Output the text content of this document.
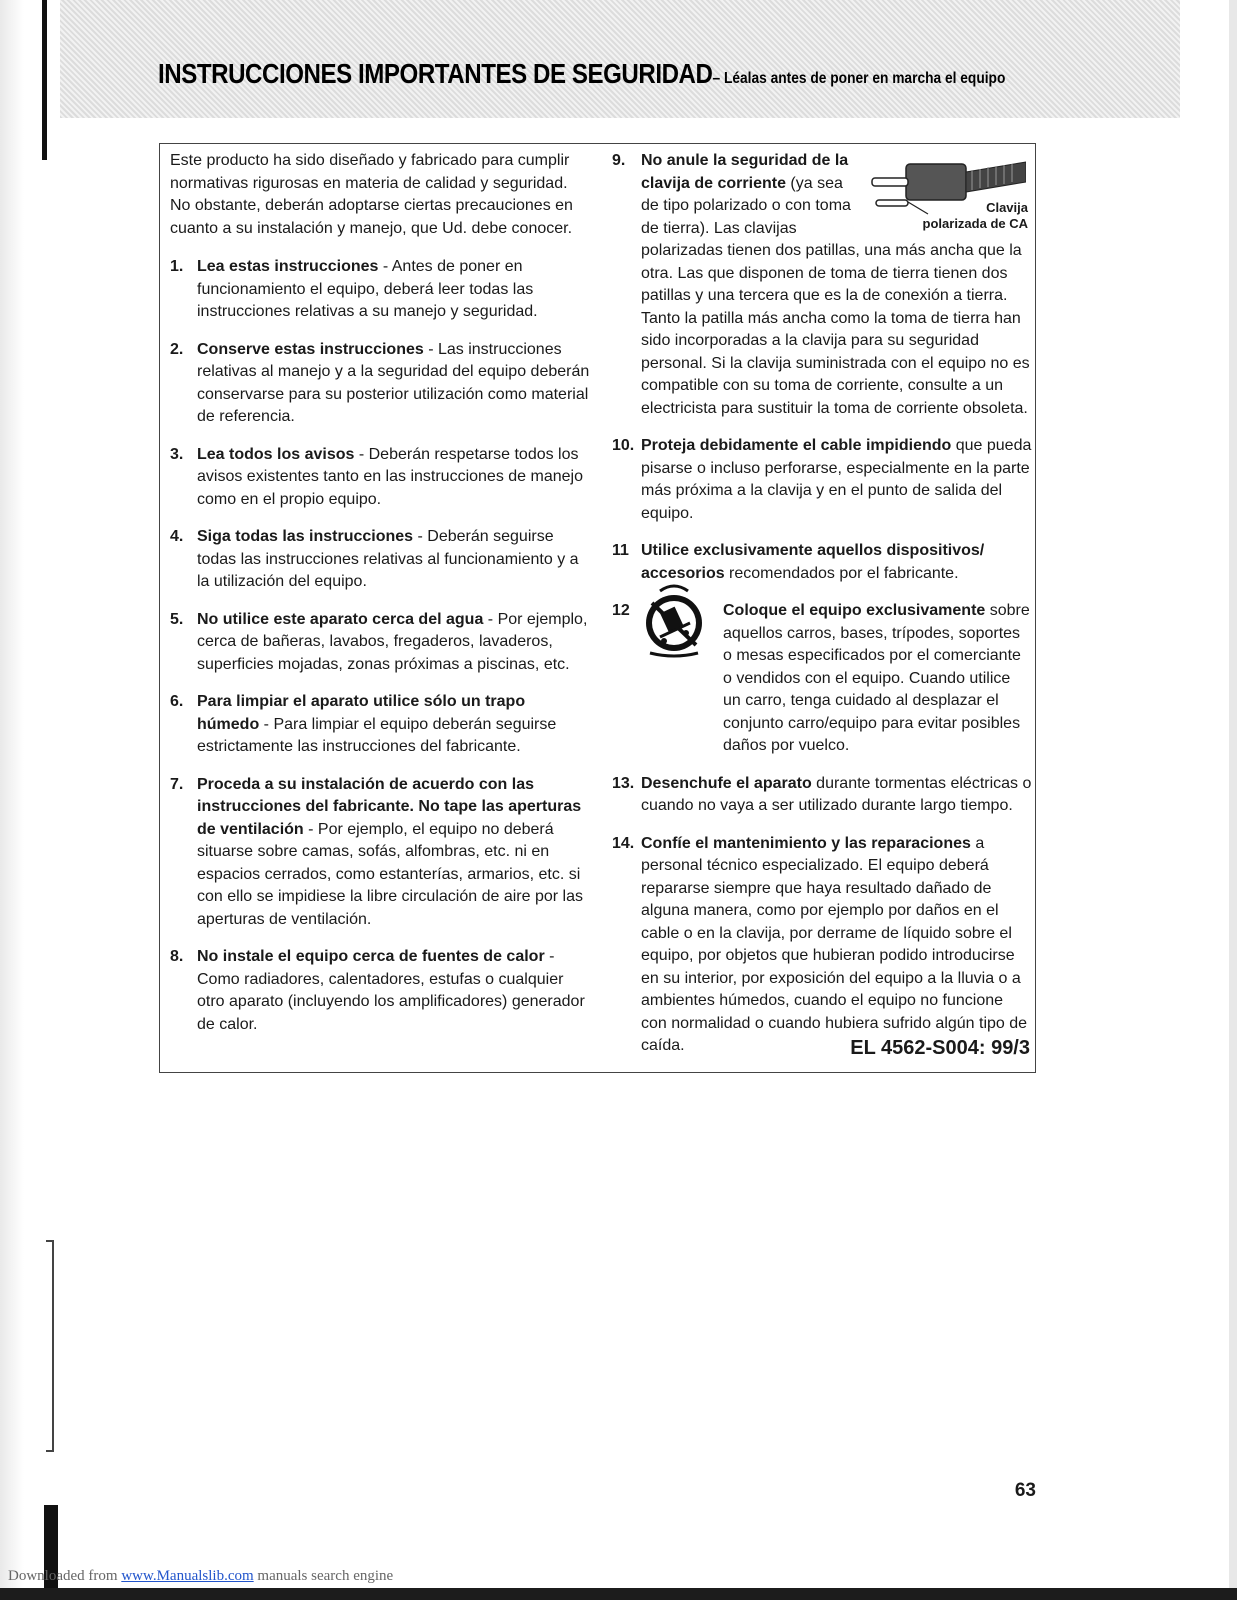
INSTRUCCIONES IMPORTANTES DE SEGURIDAD– Léalas antes de poner en marcha el equipo

Este producto ha sido diseñado y fabricado para cumplir normativas rigurosas en materia de calidad y seguridad. No obstante, deberán adoptarse ciertas precauciones en cuanto a su instalación y manejo, que Ud. debe conocer.

1. Lea estas instrucciones - Antes de poner en funcionamiento el equipo, deberá leer todas las instrucciones relativas a su manejo y seguridad.
2. Conserve estas instrucciones - Las instrucciones relativas al manejo y a la seguridad del equipo deberán conservarse para su posterior utilización como material de referencia.
3. Lea todos los avisos - Deberán respetarse todos los avisos existentes tanto en las instrucciones de manejo como en el propio equipo.
4. Siga todas las instrucciones - Deberán seguirse todas las instrucciones relativas al funcionamiento y a la utilización del equipo.
5. No utilice este aparato cerca del agua - Por ejemplo, cerca de bañeras, lavabos, fregaderos, lavaderos, superficies mojadas, zonas próximas a piscinas, etc.
6. Para limpiar el aparato utilice sólo un trapo húmedo - Para limpiar el equipo deberán seguirse estrictamente las instrucciones del fabricante.
7. Proceda a su instalación de acuerdo con las instrucciones del fabricante. No tape las aperturas de ventilación - Por ejemplo, el equipo no deberá situarse sobre camas, sofás, alfombras, etc. ni en espacios cerrados, como estanterías, armarios, etc. si con ello se impidiese la libre circulación de aire por las aperturas de ventilación.
8. No instale el equipo cerca de fuentes de calor - Como radiadores, calentadores, estufas o cualquier otro aparato (incluyendo los amplificadores) generador de calor.
9. No anule la seguridad de la clavija de corriente (ya sea de tipo polarizado o con toma de tierra). Las clavijas polarizadas tienen dos patillas, una más ancha que la otra. Las que disponen de toma de tierra tienen dos patillas y una tercera que es la de conexión a tierra. Tanto la patilla más ancha como la toma de tierra han sido incorporadas a la clavija para su seguridad personal. Si la clavija suministrada con el equipo no es compatible con su toma de corriente, consulte a un electricista para sustituir la toma de corriente obsoleta.
10. Proteja debidamente el cable impidiendo que pueda pisarse o incluso perforarse, especialmente en la parte más próxima a la clavija y en el punto de salida del equipo.
11 Utilice exclusivamente aquellos dispositivos/ accesorios recomendados por el fabricante.
12	Coloque el equipo exclusivamente sobre aquellos carros, bases, trípodes, soportes o mesas especificados por el comerciante o vendidos con el equipo. Cuando utilice un carro, tenga cuidado al desplazar el conjunto carro/equipo para evitar posibles daños por vuelco.
13. Desenchufe el aparato durante tormentas eléctricas o cuando no vaya a ser utilizado durante largo tiempo.
14. Confíe el mantenimiento y las reparaciones a personal técnico especializado. El equipo deberá repararse siempre que haya resultado dañado de alguna manera, como por ejemplo por daños en el cable o en la clavija, por derrame de líquido sobre el equipo, por objetos que hubieran podido introducirse en su interior, por exposición del equipo a la lluvia o a ambientes húmedos, cuando el equipo no funcione con normalidad o cuando hubiera sufrido algún tipo de caída.
Clavija
polarizada de CA
EL 4562-S004: 99/3
63
Downloaded from www.Manualslib.com manuals search engine
